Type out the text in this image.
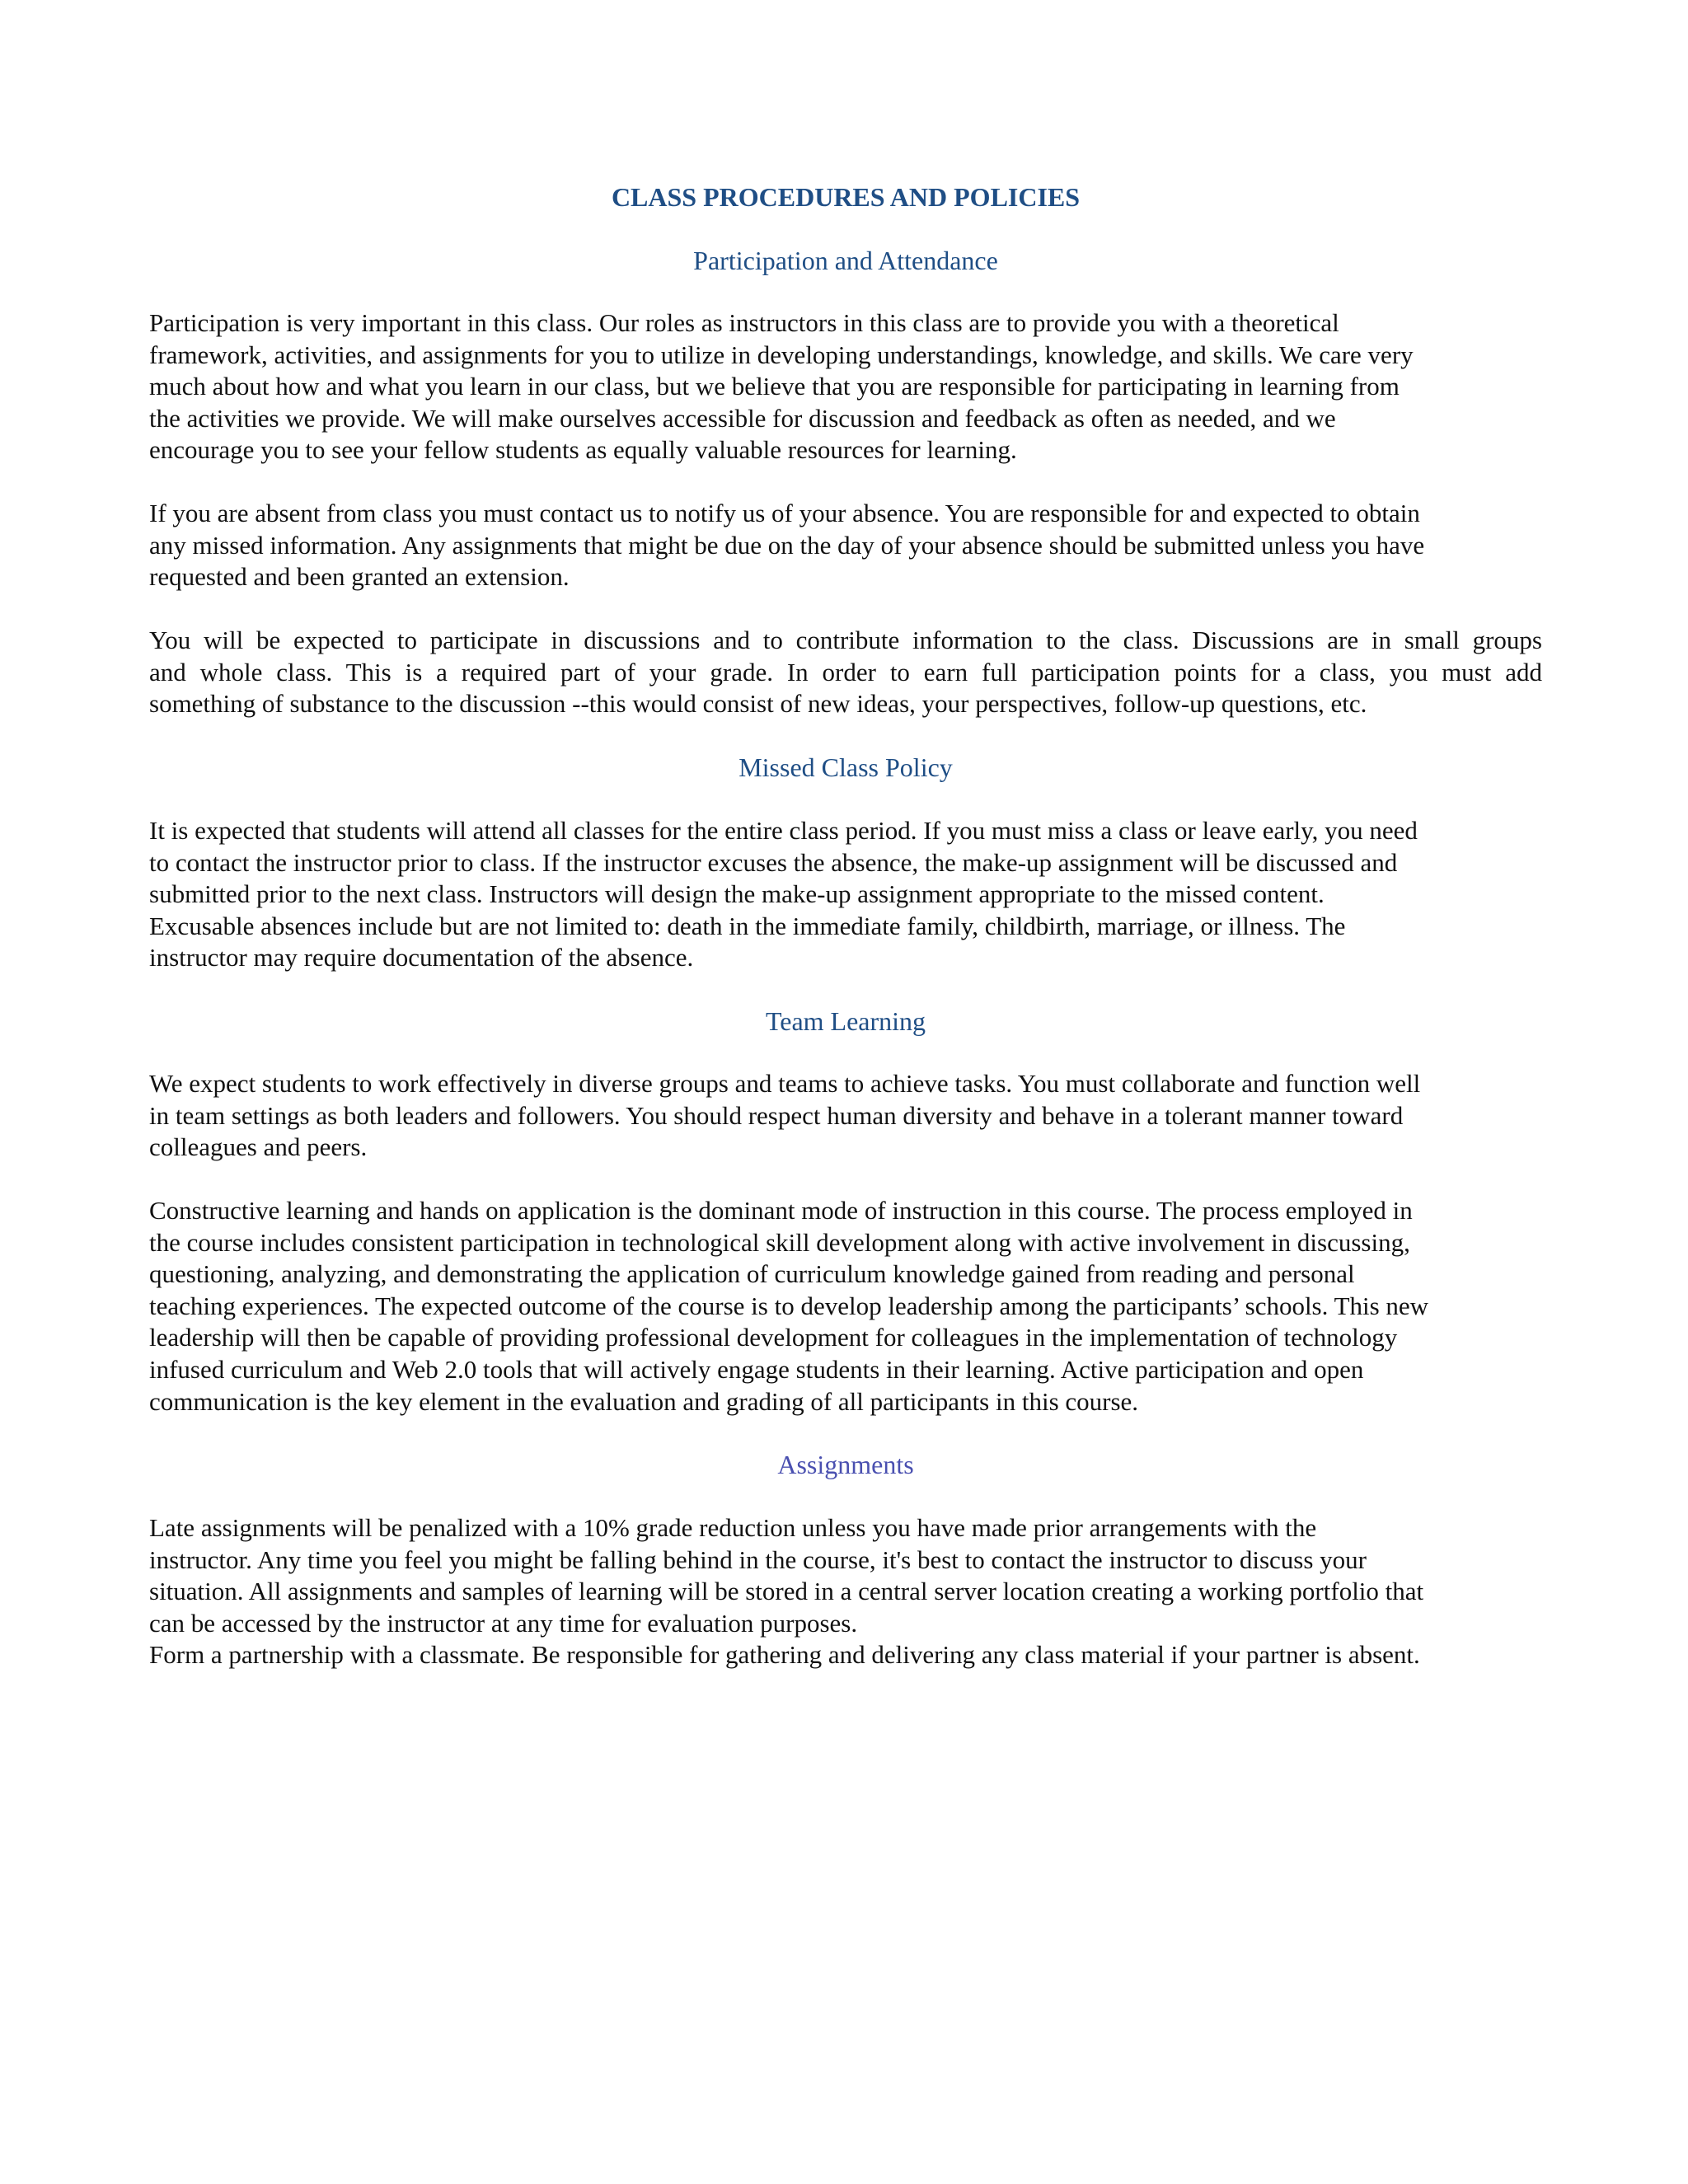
CLASS PROCEDURES AND POLICIES
Participation and Attendance

Participation is very important in this class. Our roles as instructors in this class are to provide you with a theoretical
framework, activities, and assignments for you to utilize in developing understandings, knowledge, and skills. We care very
much about how and what you learn in our class, but we believe that you are responsible for participating in learning from
the activities we provide. We will make ourselves accessible for discussion and feedback as often as needed, and we
encourage you to see your fellow students as equally valuable resources for learning.

If you are absent from class you must contact us to notify us of your absence. You are responsible for and expected to obtain
any missed information. Any assignments that might be due on the day of your absence should be submitted unless you have
requested and been granted an extension.

You will be expected to participate in discussions and to contribute information to the class. Discussions are in small groups
and whole class. This is a required part of your grade. In order to earn full participation points for a class, you must add
something of substance to the discussion --this would consist of new ideas, your perspectives, follow-up questions, etc.

Missed Class Policy

It is expected that students will attend all classes for the entire class period. If you must miss a class or leave early, you need
to contact the instructor prior to class. If the instructor excuses the absence, the make-up assignment will be discussed and
submitted prior to the next class. Instructors will design the make-up assignment appropriate to the missed content.
Excusable absences include but are not limited to: death in the immediate family, childbirth, marriage, or illness. The
instructor may require documentation of the absence.

Team Learning

We expect students to work effectively in diverse groups and teams to achieve tasks. You must collaborate and function well
in team settings as both leaders and followers. You should respect human diversity and behave in a tolerant manner toward
colleagues and peers.

Constructive learning and hands on application is the dominant mode of instruction in this course. The process employed in
the course includes consistent participation in technological skill development along with active involvement in discussing,
questioning, analyzing, and demonstrating the application of curriculum knowledge gained from reading and personal
teaching experiences. The expected outcome of the course is to develop leadership among the participants’ schools. This new
leadership will then be capable of providing professional development for colleagues in the implementation of technology
infused curriculum and Web 2.0 tools that will actively engage students in their learning. Active participation and open
communication is the key element in the evaluation and grading of all participants in this course.

Assignments

Late assignments will be penalized with a 10% grade reduction unless you have made prior arrangements with the
instructor. Any time you feel you might be falling behind in the course, it's best to contact the instructor to discuss your
situation. All assignments and samples of learning will be stored in a central server location creating a working portfolio that
can be accessed by the instructor at any time for evaluation purposes.
Form a partnership with a classmate. Be responsible for gathering and delivering any class material if your partner is absent.
